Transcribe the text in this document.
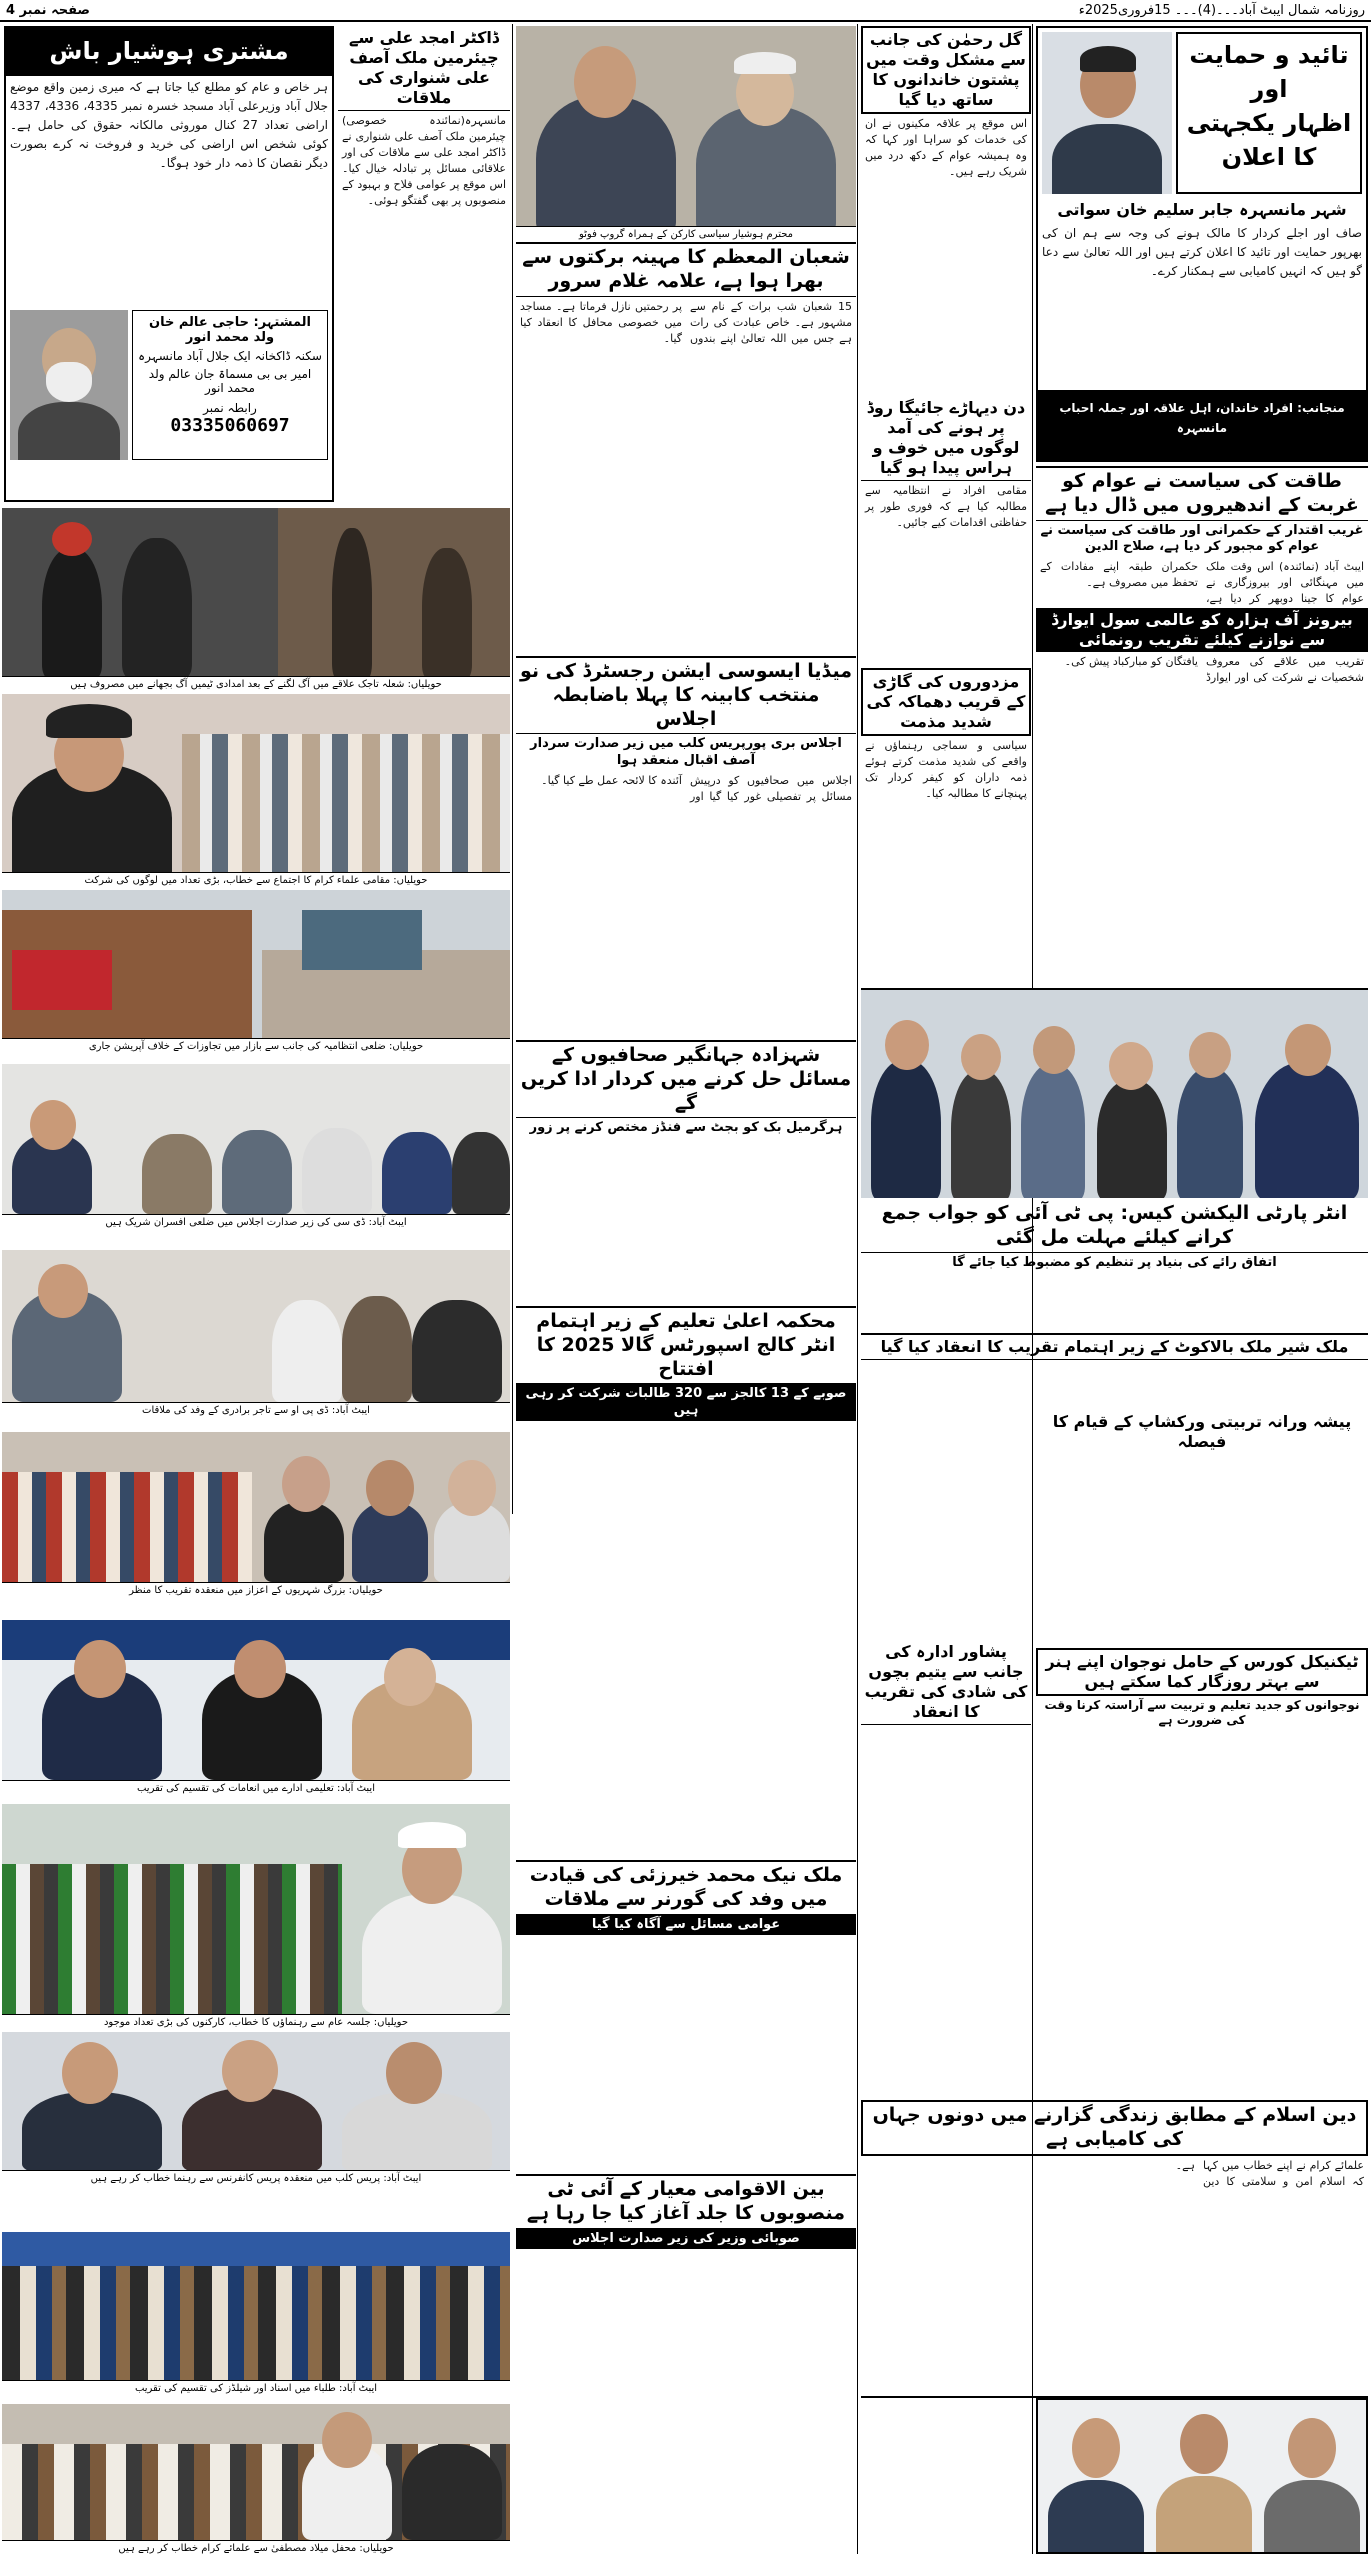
صفحہ نمبر 4	روزنامہ شمال ایبٹ آباد۔۔۔(4)۔۔۔ 15فروری2025ء
مشتری ہوشیار باش
ہر خاص و عام کو مطلع کیا جاتا ہے کہ میری زمین واقع موضع جلال آباد وزیرعلی آباد مسجد خسرہ نمبر 4335، 4336، 4337 اراضی تعداد 27 کنال موروثی مالکانہ حقوق کی حامل ہے۔ کوئی شخص اس اراضی کی خرید و فروخت نہ کرے بصورت دیگر نقصان کا ذمہ دار خود ہوگا۔
المشتہر: حاجی عالم خان ولد محمد انور
سکنہ ڈاکخانہ ایک جلال آباد مانسہرہ
امیر بی بی مسماۃ جان عالم ولد محمد انور
رابطہ نمبر
03335060697
تائید و حمایت
اور
اظہار یکجہتی
کا اعلان
شہر مانسہرہ جابر سلیم خان سواتی
صاف اور اجلے کردار کا مالک ہونے کی وجہ سے ہم ان کی بھرپور حمایت اور تائید کا اعلان کرتے ہیں اور اللہ تعالیٰ سے دعا گو ہیں کہ انہیں کامیابی سے ہمکنار کرے۔
منجانب: افراد خاندان، اہل علاقہ اور جملہ احباب مانسہرہ
ڈاکٹر امجد علی سے چیئرمین ملک آصف علی شنواری کی ملاقات
مانسہرہ(نمائندہ خصوصی) چیئرمین ملک آصف علی شنواری نے ڈاکٹر امجد علی سے ملاقات کی اور علاقائی مسائل پر تبادلہ خیال کیا۔ اس موقع پر عوامی فلاح و بہبود کے منصوبوں پر بھی گفتگو ہوئی۔
محترم ہوشیار سیاسی کارکن کے ہمراہ گروپ فوٹو
شعبان المعظم کا مہینہ برکتوں سے بھرا ہوا ہے، علامہ غلام سرور
15 شعبان شب برات کے نام سے مشہور ہے۔ خاص عبادت کی رات ہے جس میں اللہ تعالیٰ اپنے بندوں پر رحمتیں نازل فرماتا ہے۔ مساجد میں خصوصی محافل کا انعقاد کیا گیا۔
گل رحمٰن کی جانب سے مشکل وقت میں پشتون خاندانوں کا ساتھ دیا گیا
اس موقع پر علاقہ مکینوں نے ان کی خدمات کو سراہا اور کہا کہ وہ ہمیشہ عوام کے دکھ درد میں شریک رہے ہیں۔
دن دیہاڑے جائیگا روڈ پر ہونے کی آمد لوگوں میں خوف و ہراس پیدا ہو گیا
مقامی افراد نے انتظامیہ سے مطالبہ کیا ہے کہ فوری طور پر حفاظتی اقدامات کیے جائیں۔
مزدوروں کی گاڑی کے قریب دھماکہ کی شدید مذمت
سیاسی و سماجی رہنماؤں نے واقعے کی شدید مذمت کرتے ہوئے ذمہ داران کو کیفر کردار تک پہنچانے کا مطالبہ کیا۔
طاقت کی سیاست نے عوام کو غربت کے اندھیروں میں ڈال دیا ہے
غریب اقتدار کے حکمرانی اور طاقت کی سیاست نے عوام کو مجبور کر دیا ہے، صلاح الدین
ایبٹ آباد (نمائندہ) اس وقت ملک میں مہنگائی اور بیروزگاری نے عوام کا جینا دوبھر کر دیا ہے، حکمران طبقہ اپنے مفادات کے تحفظ میں مصروف ہے۔
بیرونز آف ہزارہ کو عالمی سول ایوارڈ سے نوازنے کیلئے تقریب رونمائی
تقریب میں علاقے کی معروف شخصیات نے شرکت کی اور ایوارڈ یافتگان کو مبارکباد پیش کی۔
انٹر پارٹی الیکشن کیس: پی ٹی آئی کو جواب جمع کرانے کیلئے مہلت مل گئی
اتفاق رائے کی بنیاد پر تنظیم کو مضبوط کیا جائے گا
ملک شیر ملک بالاکوٹ کے زیر اہتمام تقریب کا انعقاد کیا گیا
پیشہ ورانہ تربیتی ورکشاپ کے قیام کا فیصلہ
پشاور ادارہ کی جانب سے یتیم بچوں کی شادی کی تقریب کا انعقاد
ٹیکنیکل کورس کے حامل نوجوان اپنے ہنر سے بہتر روزگار کما سکتے ہیں
نوجوانوں کو جدید تعلیم و تربیت سے آراستہ کرنا وقت کی ضرورت ہے
دین اسلام کے مطابق زندگی گزارنے میں دونوں جہاں کی کامیابی ہے
علمائے کرام نے اپنے خطاب میں کہا کہ اسلام امن و سلامتی کا دین ہے۔
میڈیا ایسوسی ایشن رجسٹرڈ کی نو منتخب کابینہ کا پہلا باضابطہ اجلاس
اجلاس بری پورپریس کلب میں زیر صدارت سردار آصف اقبال منعقد ہوا
اجلاس میں صحافیوں کو درپیش مسائل پر تفصیلی غور کیا گیا اور آئندہ کا لائحہ عمل طے کیا گیا۔
شہزادہ جہانگیر صحافیوں کے مسائل حل کرنے میں کردار ادا کریں گے
ہرگرمیل بک کو بجٹ سے فنڈز مختص کرنے پر زور
محکمہ اعلیٰ تعلیم کے زیر اہتمام انٹر کالج اسپورٹس گالا 2025 کا افتتاح
صوبے کے 13 کالجز سے 320 طالبات شرکت کر رہی ہیں
ملک نیک محمد خیرزئی کی قیادت میں وفد کی گورنر سے ملاقات
عوامی مسائل سے آگاہ کیا گیا
بین الاقوامی معیار کے آئی ٹی منصوبوں کا جلد آغاز کیا جا رہا ہے
صوبائی وزیر کی زیر صدارت اجلاس
حویلیاں: شعلہ تاجک علاقے میں آگ لگنے کے بعد امدادی ٹیمیں آگ بجھانے میں مصروف ہیں
حویلیاں: مقامی علماء کرام کا اجتماع سے خطاب، بڑی تعداد میں لوگوں کی شرکت
حویلیاں: ضلعی انتظامیہ کی جانب سے بازار میں تجاوزات کے خلاف آپریشن جاری
ایبٹ آباد: ڈی سی کی زیر صدارت اجلاس میں ضلعی افسران شریک ہیں
ایبٹ آباد: ڈی پی او سے تاجر برادری کے وفد کی ملاقات
حویلیاں: بزرگ شہریوں کے اعزاز میں منعقدہ تقریب کا منظر
ایبٹ آباد: تعلیمی ادارے میں انعامات کی تقسیم کی تقریب
حویلیاں: جلسہ عام سے رہنماؤں کا خطاب، کارکنوں کی بڑی تعداد موجود
ایبٹ آباد: پریس کلب میں منعقدہ پریس کانفرنس سے رہنما خطاب کر رہے ہیں
ایبٹ آباد: طلباء میں اسناد اور شیلڈز کی تقسیم کی تقریب
حویلیاں: محفل میلاد مصطفیٰ سے علمائے کرام خطاب کر رہے ہیں
